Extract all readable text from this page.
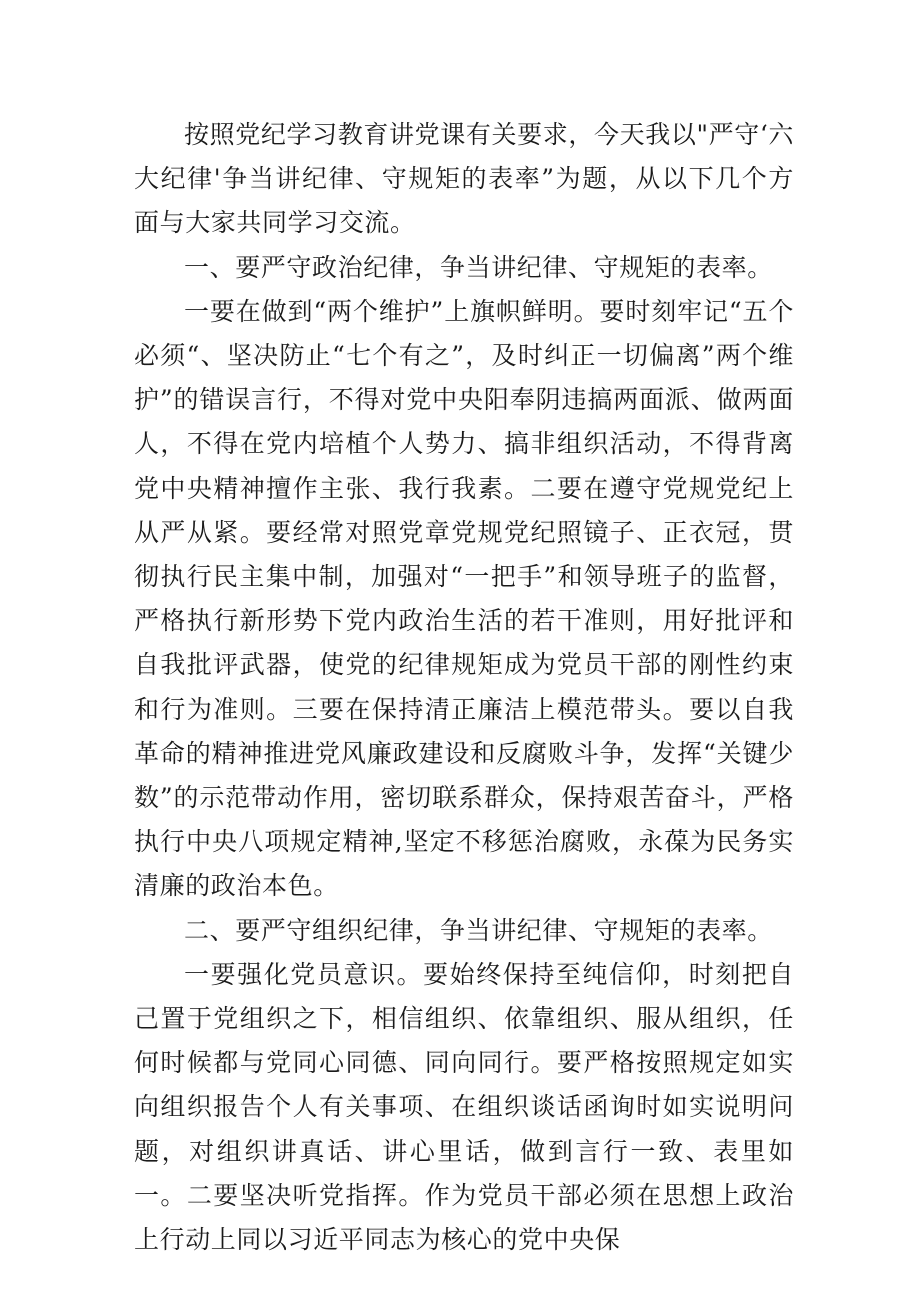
按照党纪学习教育讲党课有关要求，今天我以"严守‘六大纪律'争当讲纪律、守规矩的表率”为题，从以下几个方面与大家共同学习交流。

一、要严守政治纪律，争当讲纪律、守规矩的表率。

一要在做到“两个维护”上旗帜鲜明。要时刻牢记“五个必须“、坚决防止“七个有之”，及时纠正一切偏离”两个维护”的错误言行，不得对党中央阳奉阴违搞两面派、做两面人，不得在党内培植个人势力、搞非组织活动，不得背离党中央精神擅作主张、我行我素。二要在遵守党规党纪上从严从紧。要经常对照党章党规党纪照镜子、正衣冠，贯彻执行民主集中制，加强对“一把手”和领导班子的监督，严格执行新形势下党内政治生活的若干准则，用好批评和自我批评武器，使党的纪律规矩成为党员干部的刚性约束和行为准则。三要在保持清正廉洁上模范带头。要以自我革命的精神推进党风廉政建设和反腐败斗争，发挥“关键少数”的示范带动作用，密切联系群众，保持艰苦奋斗，严格执行中央八项规定精神,坚定不移惩治腐败，永葆为民务实清廉的政治本色。

二、要严守组织纪律，争当讲纪律、守规矩的表率。

一要强化党员意识。要始终保持至纯信仰，时刻把自己置于党组织之下，相信组织、依靠组织、服从组织，任何时候都与党同心同德、同向同行。要严格按照规定如实向组织报告个人有关事项、在组织谈话函询时如实说明问题，对组织讲真话、讲心里话，做到言行一致、表里如一。二要坚决听党指挥。作为党员干部必须在思想上政治上行动上同以习近平同志为核心的党中央保
